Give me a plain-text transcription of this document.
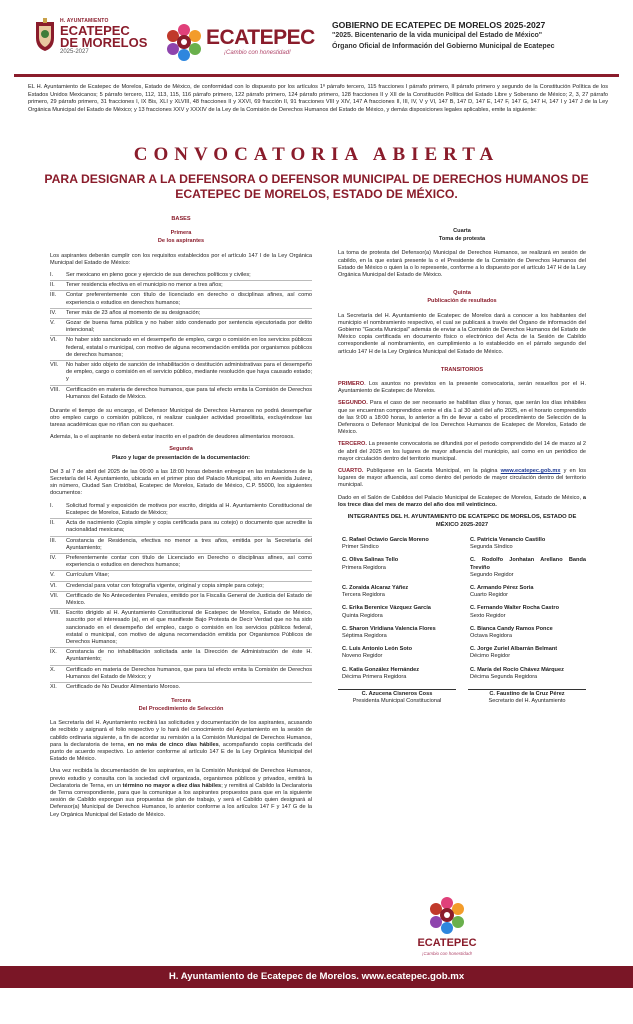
H. AYUNTAMIENTO
ECATEPEC
DE MORELOS
2025-2027
ECATEPEC
¡Cambio con honestidad!
GOBIERNO DE ECATEPEC DE MORELOS 2025-2027
"2025. Bicentenario de la vida municipal del Estado de México"
Órgano Oficial de Información del Gobierno Municipal de Ecatepec
EL H. Ayuntamiento de Ecatepec de Morelos, Estado de México, de conformidad con lo dispuesto por los artículos 1º párrafo tercero, 115 fracciones I párrafo primero, II párrafo primero y segundo de la Constitución Política de los Estados Unidos Mexicanos; 5 párrafo tercero, 112, 113, 115, 116 párrafo primero, 122 párrafo primero, 124 párrafo primero, 128 fracciones II y XII de la Constitución Política del Estado Libre y Soberano de México; 2, 3, 27 párrafo primero, 29 párrafo primero, 31 fracciones I, IX Bis, XLI y XLVIII, 48 fracciones II y XXVI, 69 fracción II, 91 fracciones VIII y XIV, 147 A fracciones II, III, IV, V y VI, 147 B, 147 D, 147 E, 147 F, 147 G, 147 H, 147 I y 147 J de la Ley Orgánica Municipal del Estado de México; y 13 fracciones XXV y XXXIV de la Ley de la Comisión de Derechos Humanos del Estado de México, y demás disposiciones legales aplicables, emite la siguiente:
CONVOCATORIA ABIERTA
PARA DESIGNAR A LA DEFENSORA O DEFENSOR MUNICIPAL DE DERECHOS HUMANOS DE ECATEPEC DE MORELOS, ESTADO DE MÉXICO.
BASES
Primera
De los aspirantes
Los aspirantes deberán cumplir con los requisitos establecidos por el artículo 147 I de la Ley Orgánica Municipal del Estado de México:
I.	Ser mexicano en pleno goce y ejercicio de sus derechos políticos y civiles;
II.	Tener residencia efectiva en el municipio no menor a tres años;
III.	Contar preferentemente con título de licenciado en derecho o disciplinas afines, así como experiencia o estudios en derechos humanos;
IV.	Tener más de 23 años al momento de su designación;
V.	Gozar de buena fama pública y no haber sido condenado por sentencia ejecutoriada por delito intencional;
VI.	No haber sido sancionado en el desempeño de empleo, cargo o comisión en los servicios públicos federal, estatal o municipal, con motivo de alguna recomendación emitida por organismos públicos de derechos humanos;
VII.	No haber sido objeto de sanción de inhabilitación o destitución administrativas para el desempeño de empleo, cargo o comisión en el servicio público, mediante resolución que haya causado estado; y
VIII.	Certificación en materia de derechos humanos, que para tal efecto emita la Comisión de Derechos Humanos del Estado de México.
Durante el tiempo de su encargo, el Defensor Municipal de Derechos Humanos no podrá desempeñar otro empleo cargo o comisión públicos, ni realizar cualquier actividad proselitista, excluyéndose las tareas académicas que no riñan con su quehacer.
Además, la o el aspirante no deberá estar inscrito en el padrón de deudores alimentarios morosos.
Segunda
Plazo y lugar de presentación de la documentación:
Del 3 al 7 de abril del 2025 de las 09:00 a las 18:00 horas deberán entregar en las instalaciones de la Secretaría del H. Ayuntamiento, ubicada en el primer piso del Palacio Municipal, sito en Avenida Juárez, sin número, Ciudad San Cristóbal, Ecatepec de Morelos, Estado de México, C.P. 55000, los siguientes documentos:
I.	Solicitud formal y exposición de motivos por escrito, dirigida al H. Ayuntamiento Constitucional de Ecatepec de Morelos, Estado de México;
II.	Acta de nacimiento (Copia simple y copia certificada para su cotejo) o documento que acredite la nacionalidad mexicana;
III.	Constancia de Residencia, efectiva no menor a tres años, emitida por la Secretaría del Ayuntamiento;
IV.	Preferentemente contar con título de Licenciado en Derecho o disciplinas afines, así como experiencia o estudios en derechos humanos;
V.	Currículum Vitae;
VI.	Credencial para votar con fotografía vigente, original y copia simple para cotejo;
VII.	Certificado de No Antecedentes Penales, emitido por la Fiscalía General de Justicia del Estado de México.
VIII.	Escrito dirigido al H. Ayuntamiento Constitucional de Ecatepec de Morelos, Estado de México, suscrito por el interesado (a), en el que manifieste Bajo Protesta de Decir Verdad que no ha sido sancionado en el desempeño del empleo, cargo o comisión en los servicios públicos federal, estatal o municipal, con motivo de alguna recomendación emitida por Organismos Públicos de Derechos Humanos;
IX.	Constancia de no inhabilitación solicitada ante la Dirección de Administración de éste H. Ayuntamiento;
X.	Certificado en materia de Derechos humanos, que para tal efecto emita la Comisión de Derechos Humanos del Estado de México; y
XI.	Certificado de No Deudor Alimentario Moroso.
Tercera
Del Procedimiento de Selección
La Secretaría del H. Ayuntamiento recibirá las solicitudes y documentación de los aspirantes, acusando de recibido y asignará el folio respectivo y lo hará del conocimiento del Ayuntamiento en la sesión de cabildo ordinaria siguiente, a fin de acordar su remisión a la Comisión Municipal de Derechos Humanos, para la declaratoria de terna, en no más de cinco días hábiles, acompañando copia certificada del punto de acuerdo respectivo. Lo anterior conforme al artículo 147 E de la Ley Orgánica Municipal del Estado de México.
Una vez recibida la documentación de los aspirantes, en la Comisión Municipal de Derechos Humanos, previo estudio y consulta con la sociedad civil organizada, organismos públicos y privados, emitirá la Declaratoria de Terna, en un término no mayor a diez días hábiles; y remitirá al Cabildo la Declaratoria de Terna correspondiente, para que la comunique a los aspirantes propuestos para que en la siguiente sesión de Cabildo expongan sus propuestas de plan de trabajo, y será el Cabildo quien designará al Defensor(a) Municipal de Derechos Humanos, lo anterior conforme a los artículos 147 F y 147 G de la Ley Orgánica Municipal del Estado de México.
Cuarta
Toma de protesta
La toma de protesta del Defensor(a) Municipal de Derechos Humanos, se realizará en sesión de cabildo, en la que estará presente la o el Presidente de la Comisión de Derechos Humanos del Estado de México o quien la o lo represente, conforme a lo dispuesto por el artículo 147 H de la Ley Orgánica Municipal del Estado de México.
Quinta
Publicación de resultados
La Secretaría del H. Ayuntamiento de Ecatepec de Morelos dará a conocer a los habitantes del municipio el nombramiento respectivo, el cual se publicará a través del Órgano de información del Gobierno "Gaceta Municipal" además de enviar a la Comisión de Derechos Humanos del Estado de México copia certificada en documento físico o electrónico del Acta de la Sesión de Cabildo correspondiente al nombramiento, en cumplimiento a lo establecido en el párrafo segundo del artículo 147 H de la Ley Orgánica Municipal del Estado de México.
TRANSITORIOS
PRIMERO. Los asuntos no previstos en la presente convocatoria, serán resueltos por el H. Ayuntamiento de Ecatepec de Morelos.
SEGUNDO. Para el caso de ser necesario se habilitan días y horas, que serán los días inhábiles que se encuentran comprendidos entre el día 1 al 30 abril del año 2025, en el horario comprendido de las 9:00 a 18:00 horas, lo anterior a fin de llevar a cabo el procedimiento de Selección de la Defensora o Defensor Municipal de los Derechos Humanos de Ecatepec de Morelos, Estado de México.
TERCERO. La presente convocatoria se difundirá por el periodo comprendido del 14 de marzo al 2 de abril del 2025 en los lugares de mayor afluencia del municipio, así como en un periódico de mayor circulación dentro del territorio municipal.
CUARTO. Publíquese en la Gaceta Municipal, en la página www.ecatepec.gob.mx y en los lugares de mayor afluencia, así como dentro del periodo de mayor circulación dentro del territorio municipal.
Dado en el Salón de Cabildos del Palacio Municipal de Ecatepec de Morelos, Estado de México, a los trece días del mes de marzo del año dos mil veinticinco.
INTEGRANTES DEL H. AYUNTAMIENTO DE ECATEPEC DE MORELOS, ESTADO DE MÉXICO 2025-2027
C. Rafael Octavio García Moreno
Primer Síndico
C. Patricia Venancio Castillo
Segunda Síndico
C. Oliva Salinas Tello
Primera Regidora
C. Rodolfo Jonhatan Arellano Banda Treviño
Segundo Regidor
C. Zoraida Alcaraz Yáñez
Tercera Regidora
C. Armando Pérez Soria
Cuarto Regidor
C. Erika Berenice Vázquez García
Quinta Regidora
C. Fernando Walter Rocha Castro
Sexto Regidor
C. Sharon Viridiana Valencia Flores
Séptima Regidora
C. Bianca Candy Ramos Ponce
Octava Regidora
C. Luis Antonio León Soto
Noveno Regidor
C. Jorge Zuriel Albarrán Belmant
Décimo Regidor
C. Katia González Hernández
Décima Primera Regidora
C. María del Rocío Chávez Márquez
Décima Segunda Regidora
C. Azucena Cisneros Coss
Presidenta Municipal Constitucional
C. Faustino de la Cruz Pérez
Secretario del H. Ayuntamiento
ECATEPEC
¡Cambio con honestidad!
H. Ayuntamiento de Ecatepec de Morelos. www.ecatepec.gob.mx
